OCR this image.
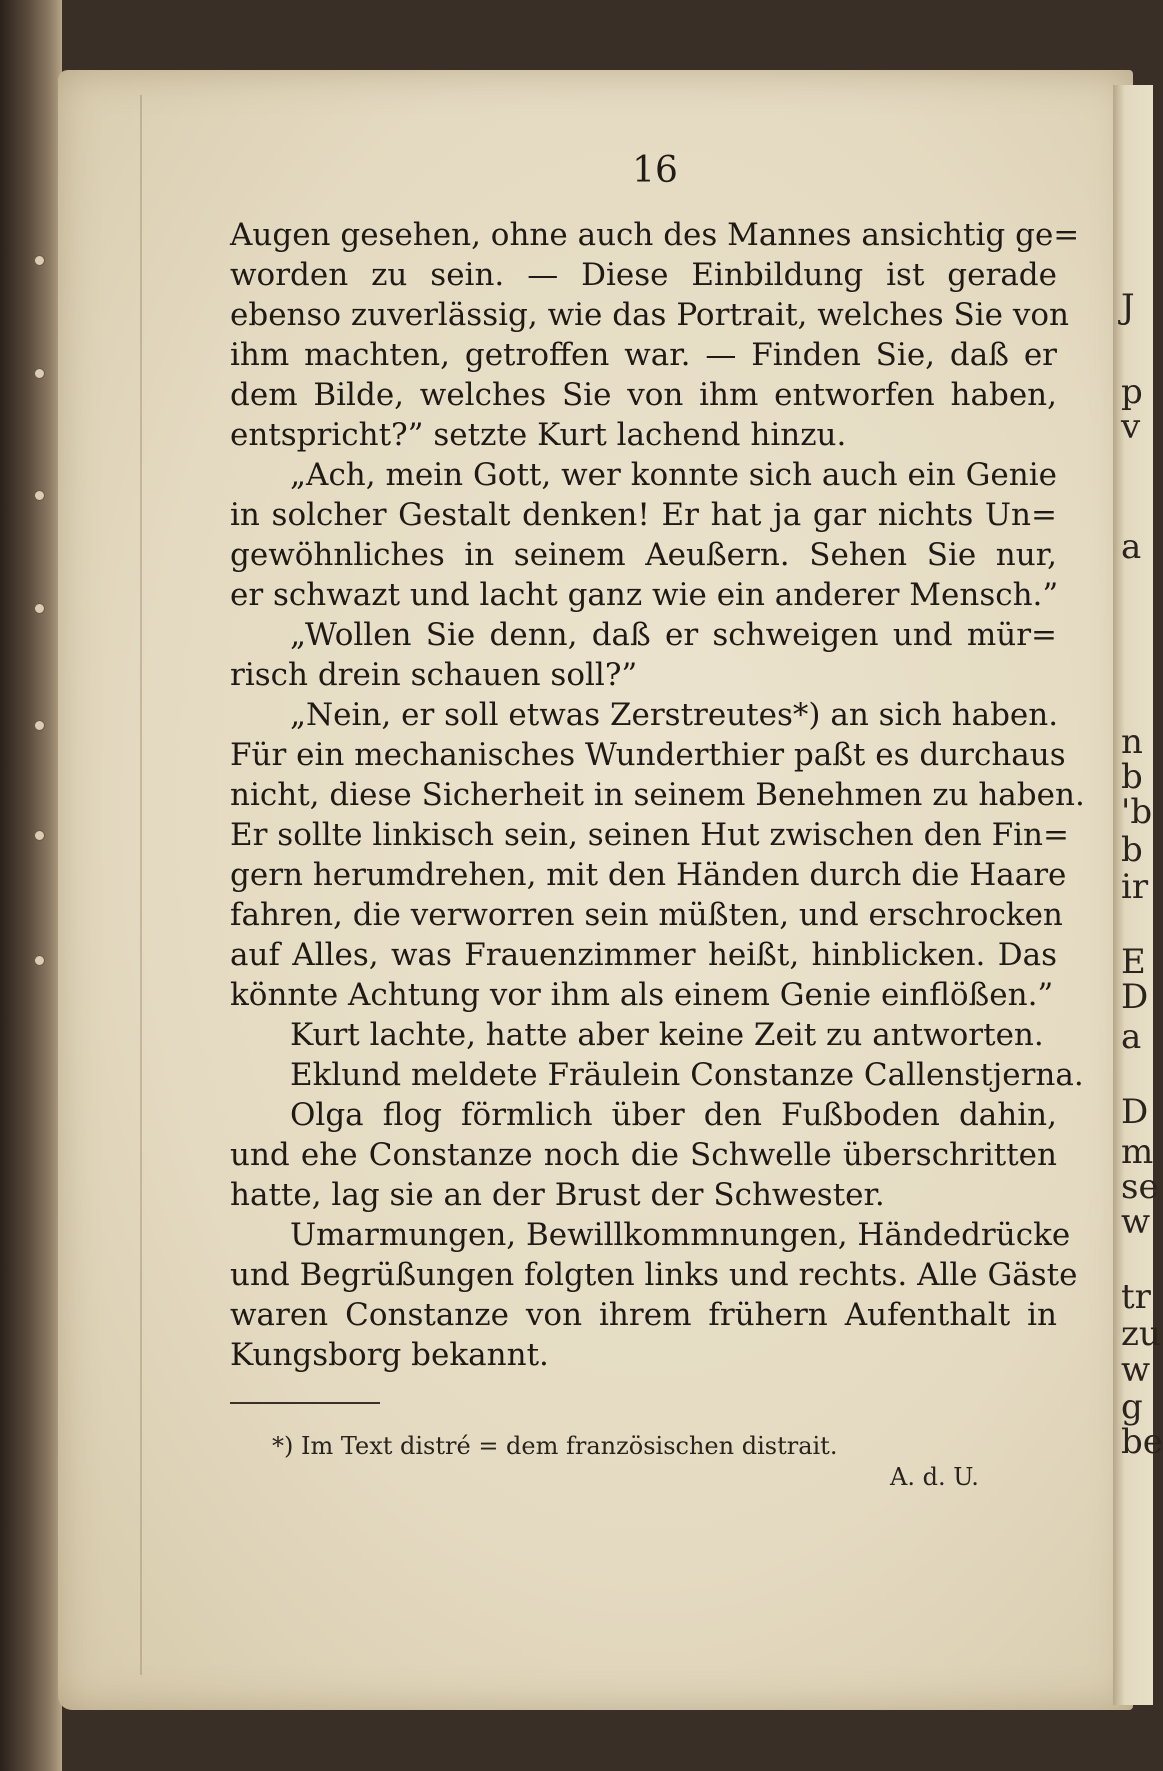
J
p
v
a
n
b
'b
b
ir
E
D
a
D
m
se
w
tr
zu
w
g
be
16
Augen gesehen, ohne auch des Mannes ansichtig ge=
worden zu sein. — Diese Einbildung ist gerade
ebenso zuverlässig, wie das Portrait, welches Sie von
ihm machten, getroffen war. — Finden Sie, daß er
dem Bilde, welches Sie von ihm entworfen haben,
entspricht?” setzte Kurt lachend hinzu.
„Ach, mein Gott, wer konnte sich auch ein Genie
in solcher Gestalt denken! Er hat ja gar nichts Un=
gewöhnliches in seinem Aeußern. Sehen Sie nur,
er schwazt und lacht ganz wie ein anderer Mensch.”
„Wollen Sie denn, daß er schweigen und mür=
risch drein schauen soll?”
„Nein, er soll etwas Zerstreutes*) an sich haben.
Für ein mechanisches Wunderthier paßt es durchaus
nicht, diese Sicherheit in seinem Benehmen zu haben.
Er sollte linkisch sein, seinen Hut zwischen den Fin=
gern herumdrehen, mit den Händen durch die Haare
fahren, die verworren sein müßten, und erschrocken
auf Alles, was Frauenzimmer heißt, hinblicken. Das
könnte Achtung vor ihm als einem Genie einflößen.”
Kurt lachte, hatte aber keine Zeit zu antworten.
Eklund meldete Fräulein Constanze Callenstjerna.
Olga flog förmlich über den Fußboden dahin,
und ehe Constanze noch die Schwelle überschritten
hatte, lag sie an der Brust der Schwester.
Umarmungen, Bewillkommnungen, Händedrücke
und Begrüßungen folgten links und rechts. Alle Gäste
waren Constanze von ihrem frühern Aufenthalt in
Kungsborg bekannt.
*) Im Text distré = dem französischen distrait.
A. d. U.
